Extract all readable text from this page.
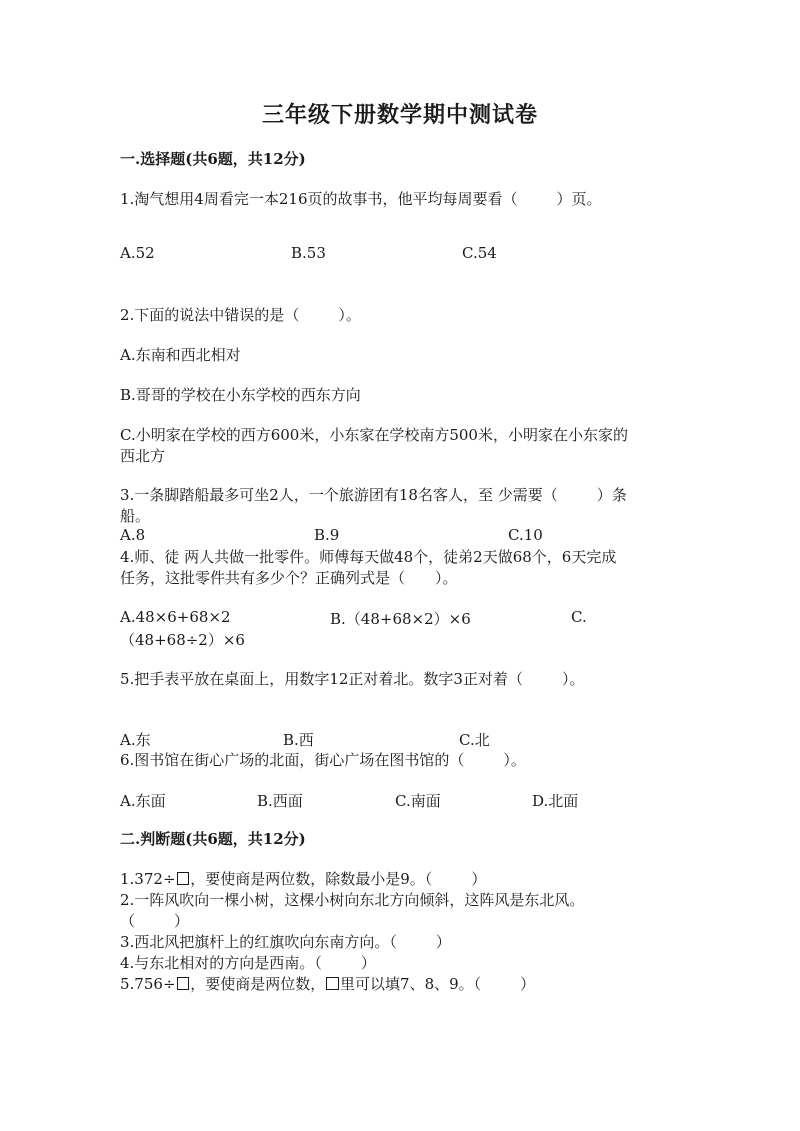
三年级下册数学期中测试卷
一.选择题(共6题，共12分)
1.淘气想用4周看完一本216页的故事书，他平均每周要看（	）页。
A.52	B.53	C.54
2.下面的说法中错误的是（	）。
A.东南和西北相对
B.哥哥的学校在小东学校的西东方向
C.小明家在学校的西方600米，小东家在学校南方500米，小明家在小东家的
西北方
3.一条脚踏船最多可坐2人，一个旅游团有18名客人，至 少需要（	）条
船。
A.8	B.9	C.10
4.师、徒 两人共做一批零件。师傅每天做48个，徒弟2天做68个，6天完成
任务，这批零件共有多少个？正确列式是（ ）。
A.48×6+68×2	B.（48+68×2）×6	C.
（48+68÷2）×6
5.把手表平放在桌面上，用数字12正对着北。数字3正对着（	）。
A.东	B.西	C.北
6.图书馆在街心广场的北面，街心广场在图书馆的（	）。
A.东面	B.西面	C.南面	D.北面
二.判断题(共6题，共12分)
1.372÷ ，要使商是两位数，除数最小是9。（	）
2.一阵风吹向一棵小树，这棵小树向东北方向倾斜，这阵风是东北风。
（	）
3.西北风把旗杆上的红旗吹向东南方向。（	）
4.与东北相对的方向是西南。（	）
5.756÷ ，要使商是两位数， 里可以填7、8、9。（	）
